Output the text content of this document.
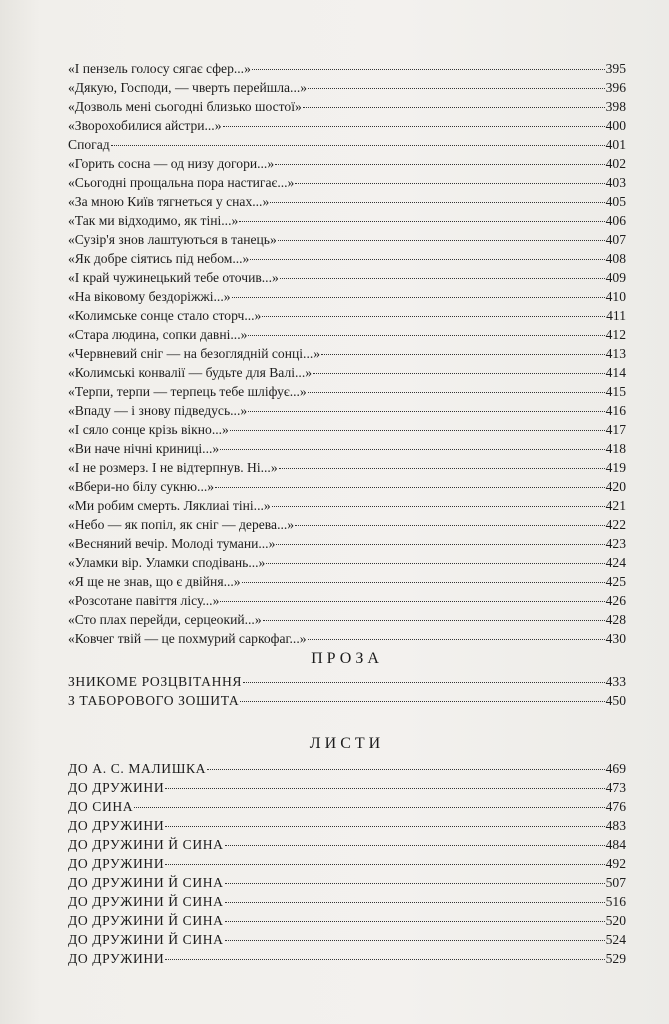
«І пензель голосу сягає сфер...»	395
«Дякую, Господи, — чверть перейшла...»	396
«Дозволь мені сьогодні близько шостої»	398
«Зворохобилися айстри...»	400
Спогад	401
«Горить сосна — од низу догори...»	402
«Сьогодні прощальна пора настигає...»	403
«За мною Київ тягнеться у снах...»	405
«Так ми відходимо, як тіні...»	406
«Сузір'я знов лаштуються в танець»	407
«Як добре сіятись під небом...»	408
«І край чужинецький тебе оточив...»	409
«На віковому бездоріжжі...»	410
«Колимське сонце стало сторч...»	411
«Стара людина, сопки давні...»	412
«Червневий сніг — на безоглядній сонці...»	413
«Колимські конвалії — будьте для Валі...»	414
«Терпи, терпи — терпець тебе шліфує...»	415
«Впаду — і знову підведусь...»	416
«І сяло сонце крізь вікно...»	417
«Ви наче нічні криниці...»	418
«І не розмерз. І не відтерпнув. Ні...»	419
«Вбери-но білу сукню...»	420
«Ми робим смерть. Ляклиаі тіні...»	421
«Небо — як попіл, як сніг — дерева...»	422
«Весняний вечір. Молоді тумани...»	423
«Уламки вір. Уламки сподівань...»	424
«Я ще не знав, що є двійня...»	425
«Розсотане павіття лісу...»	426
«Сто плах перейди, серцеокий...»	428
«Ковчег твій — це похмурий саркофаг...»	430
ПРОЗА
ЗНИКОМЕ РОЗЦВІТАННЯ	433
З ТАБОРОВОГО ЗОШИТА	450
ЛИСТИ
ДО А. С. МАЛИШКА	469
ДО ДРУЖИНИ	473
ДО СИНА	476
ДО ДРУЖИНИ	483
ДО ДРУЖИНИ Й СИНА	484
ДО ДРУЖИНИ	492
ДО ДРУЖИНИ Й СИНА	507
ДО ДРУЖИНИ Й СИНА	516
ДО ДРУЖИНИ Й СИНА	520
ДО ДРУЖИНИ Й СИНА	524
ДО ДРУЖИНИ	529
